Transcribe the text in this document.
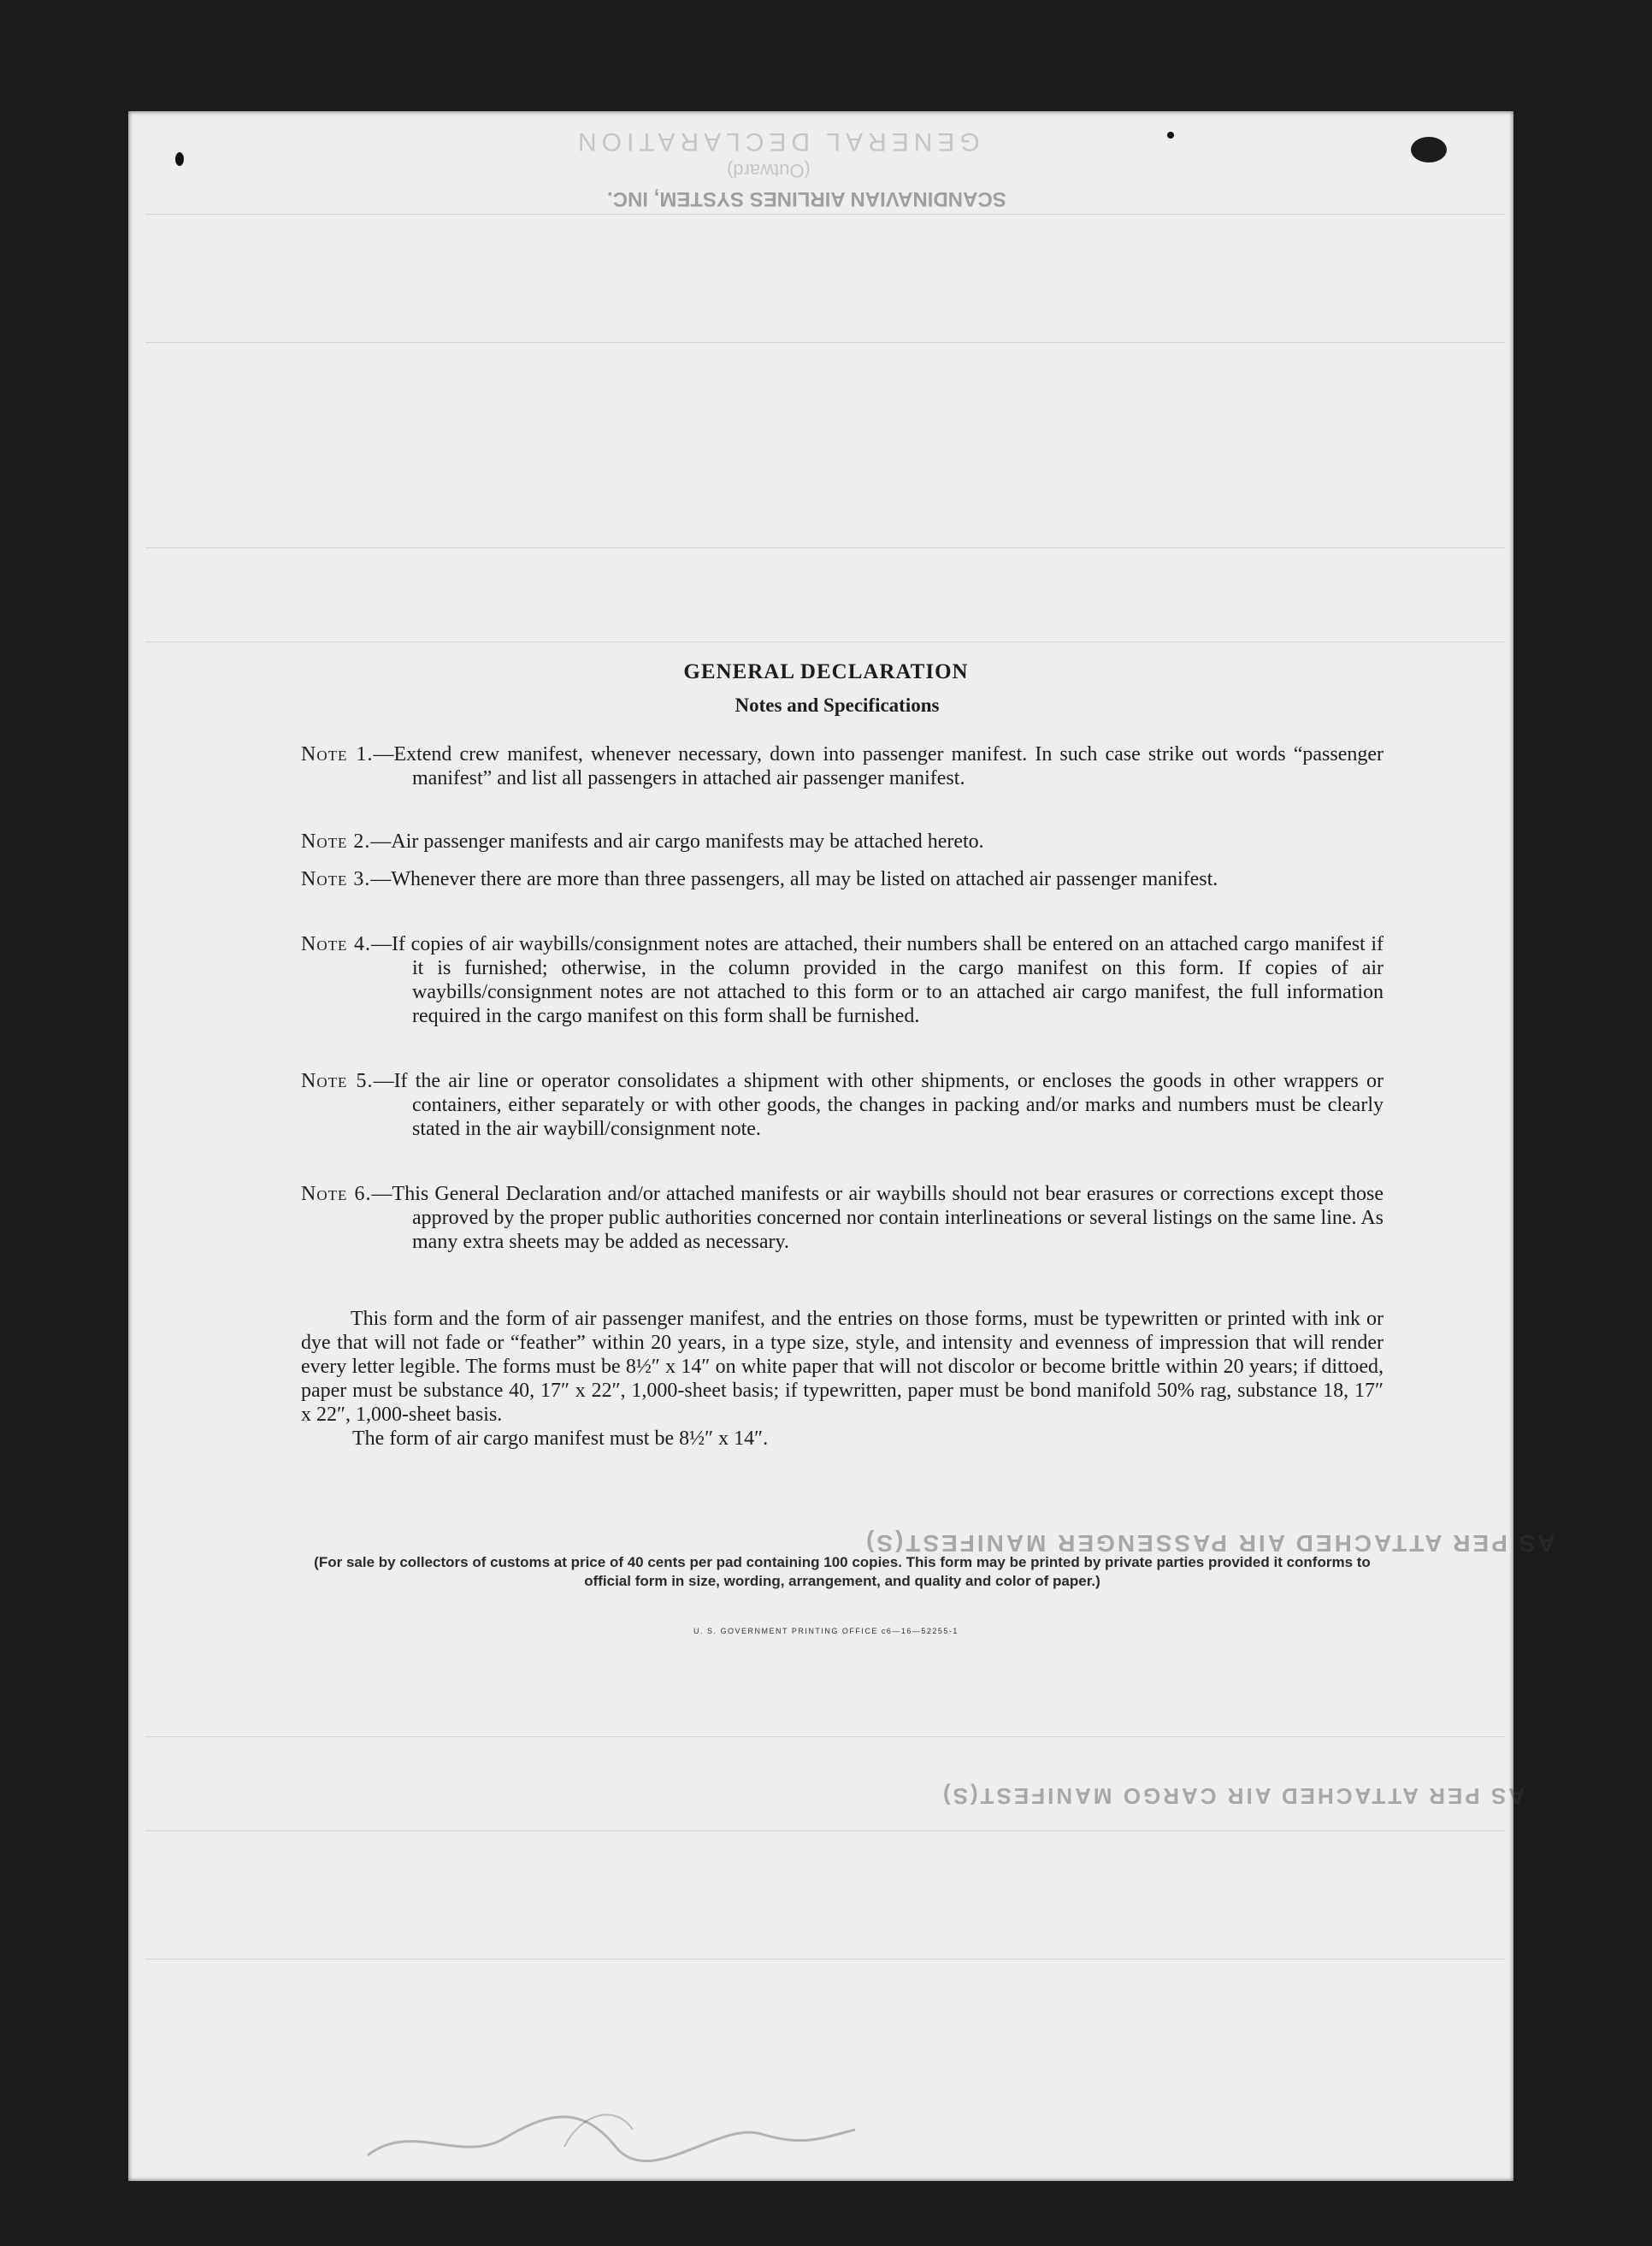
GENERAL DECLARATION
(Outward)
SCANDINAVIAN AIRLINES SYSTEM, INC.
AS PER ATTACHED AIR PASSENGER MANIFEST(S)
AS PER ATTACHED AIR CARGO MANIFEST(S)
GENERAL DECLARATION
Notes and Specifications
Note 1.—Extend crew manifest, whenever necessary, down into passenger manifest. In such case strike out words “passenger manifest” and list all passengers in attached air passenger manifest.
Note 2.—Air passenger manifests and air cargo manifests may be attached hereto.
Note 3.—Whenever there are more than three passengers, all may be listed on attached air passenger manifest.
Note 4.—If copies of air waybills/consignment notes are attached, their numbers shall be entered on an attached cargo manifest if it is furnished; otherwise, in the column provided in the cargo manifest on this form. If copies of air waybills/consignment notes are not attached to this form or to an attached air cargo manifest, the full information required in the cargo manifest on this form shall be furnished.
Note 5.—If the air line or operator consolidates a shipment with other shipments, or encloses the goods in other wrappers or containers, either separately or with other goods, the changes in packing and/or marks and numbers must be clearly stated in the air waybill/consignment note.
Note 6.—This General Declaration and/or attached manifests or air waybills should not bear erasures or corrections except those approved by the proper public authorities concerned nor contain interlineations or several listings on the same line. As many extra sheets may be added as necessary.

This form and the form of air passenger manifest, and the entries on those forms, must be typewritten or printed with ink or dye that will not fade or “feather” within 20 years, in a type size, style, and intensity and evenness of impression that will render every letter legible. The forms must be 8½″ x 14″ on white paper that will not discolor or become brittle within 20 years; if dittoed, paper must be substance 40, 17″ x 22″, 1,000-sheet basis; if typewritten, paper must be bond manifold 50% rag, substance 18, 17″ x 22″, 1,000-sheet basis.

The form of air cargo manifest must be 8½″ x 14″.

(For sale by collectors of customs at price of 40 cents per pad containing 100 copies. This form may be printed by private parties provided it conforms to official form in size, wording, arrangement, and quality and color of paper.)
U. S. GOVERNMENT PRINTING OFFICE c6—16—52255-1
